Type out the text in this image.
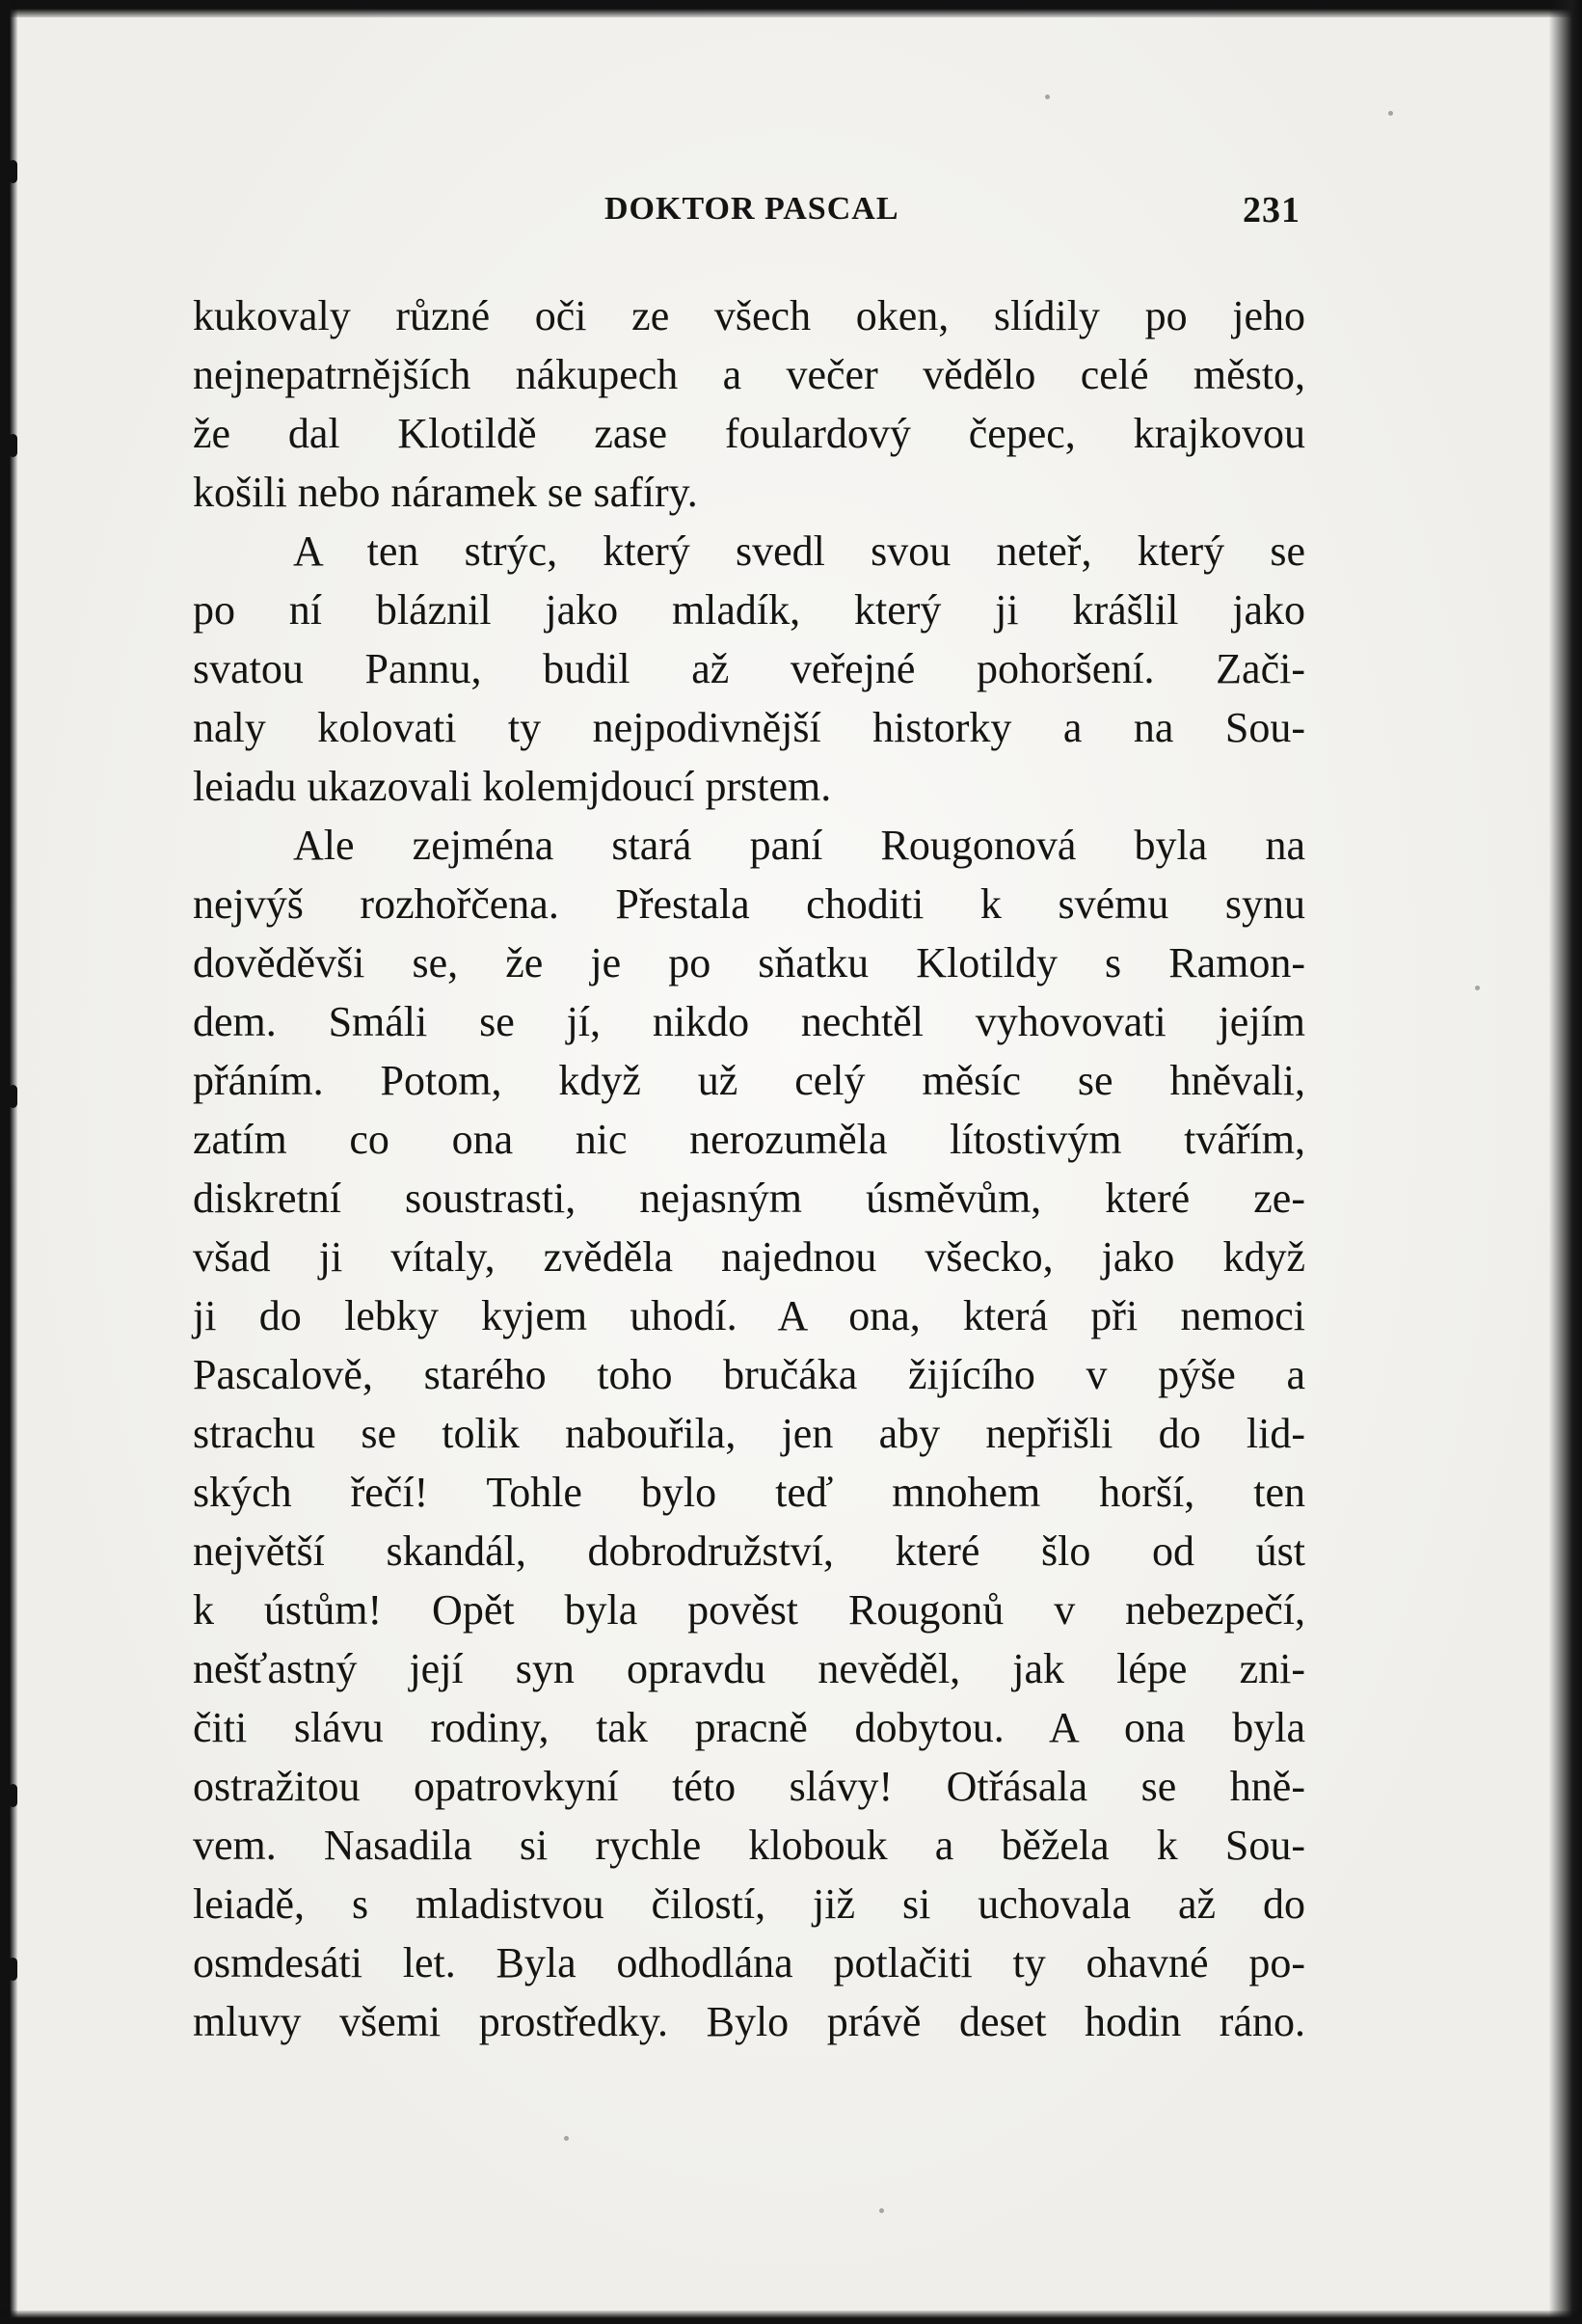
DOKTOR PASCAL	231
kukovaly různé oči ze všech oken, slídily po jeho
nejnepatrnějších nákupech a večer vědělo celé město,
že dal Klotildě zase foulardový čepec, krajkovou
košili nebo náramek se safíry.
A ten strýc, který svedl svou neteř, který se
po ní bláznil jako mladík, který ji krášlil jako
svatou Pannu, budil až veřejné pohoršení. Zači-
naly kolovati ty nejpodivnější historky a na Sou-
leiadu ukazovali kolemjdoucí prstem.
Ale zejména stará paní Rougonová byla na
nejvýš rozhořčena. Přestala choditi k svému synu
dověděvši se, že je po sňatku Klotildy s Ramon-
dem. Smáli se jí, nikdo nechtěl vyhovovati jejím
přáním. Potom, když už celý měsíc se hněvali,
zatím co ona nic nerozuměla lítostivým tvářím,
diskretní soustrasti, nejasným úsměvům, které ze-
všad ji vítaly, zvěděla najednou všecko, jako když
ji do lebky kyjem uhodí. A ona, která při nemoci
Pascalově, starého toho bručáka žijícího v pýše a
strachu se tolik nabouřila, jen aby nepřišli do lid-
ských řečí! Tohle bylo teď mnohem horší, ten
největší skandál, dobrodružství, které šlo od úst
k ústům! Opět byla pověst Rougonů v nebezpečí,
nešťastný její syn opravdu nevěděl, jak lépe zni-
čiti slávu rodiny, tak pracně dobytou. A ona byla
ostražitou opatrovkyní této slávy! Otřásala se hně-
vem. Nasadila si rychle klobouk a běžela k Sou-
leiadě, s mladistvou čilostí, již si uchovala až do
osmdesáti let. Byla odhodlána potlačiti ty ohavné po-
mluvy všemi prostředky. Bylo právě deset hodin ráno.
